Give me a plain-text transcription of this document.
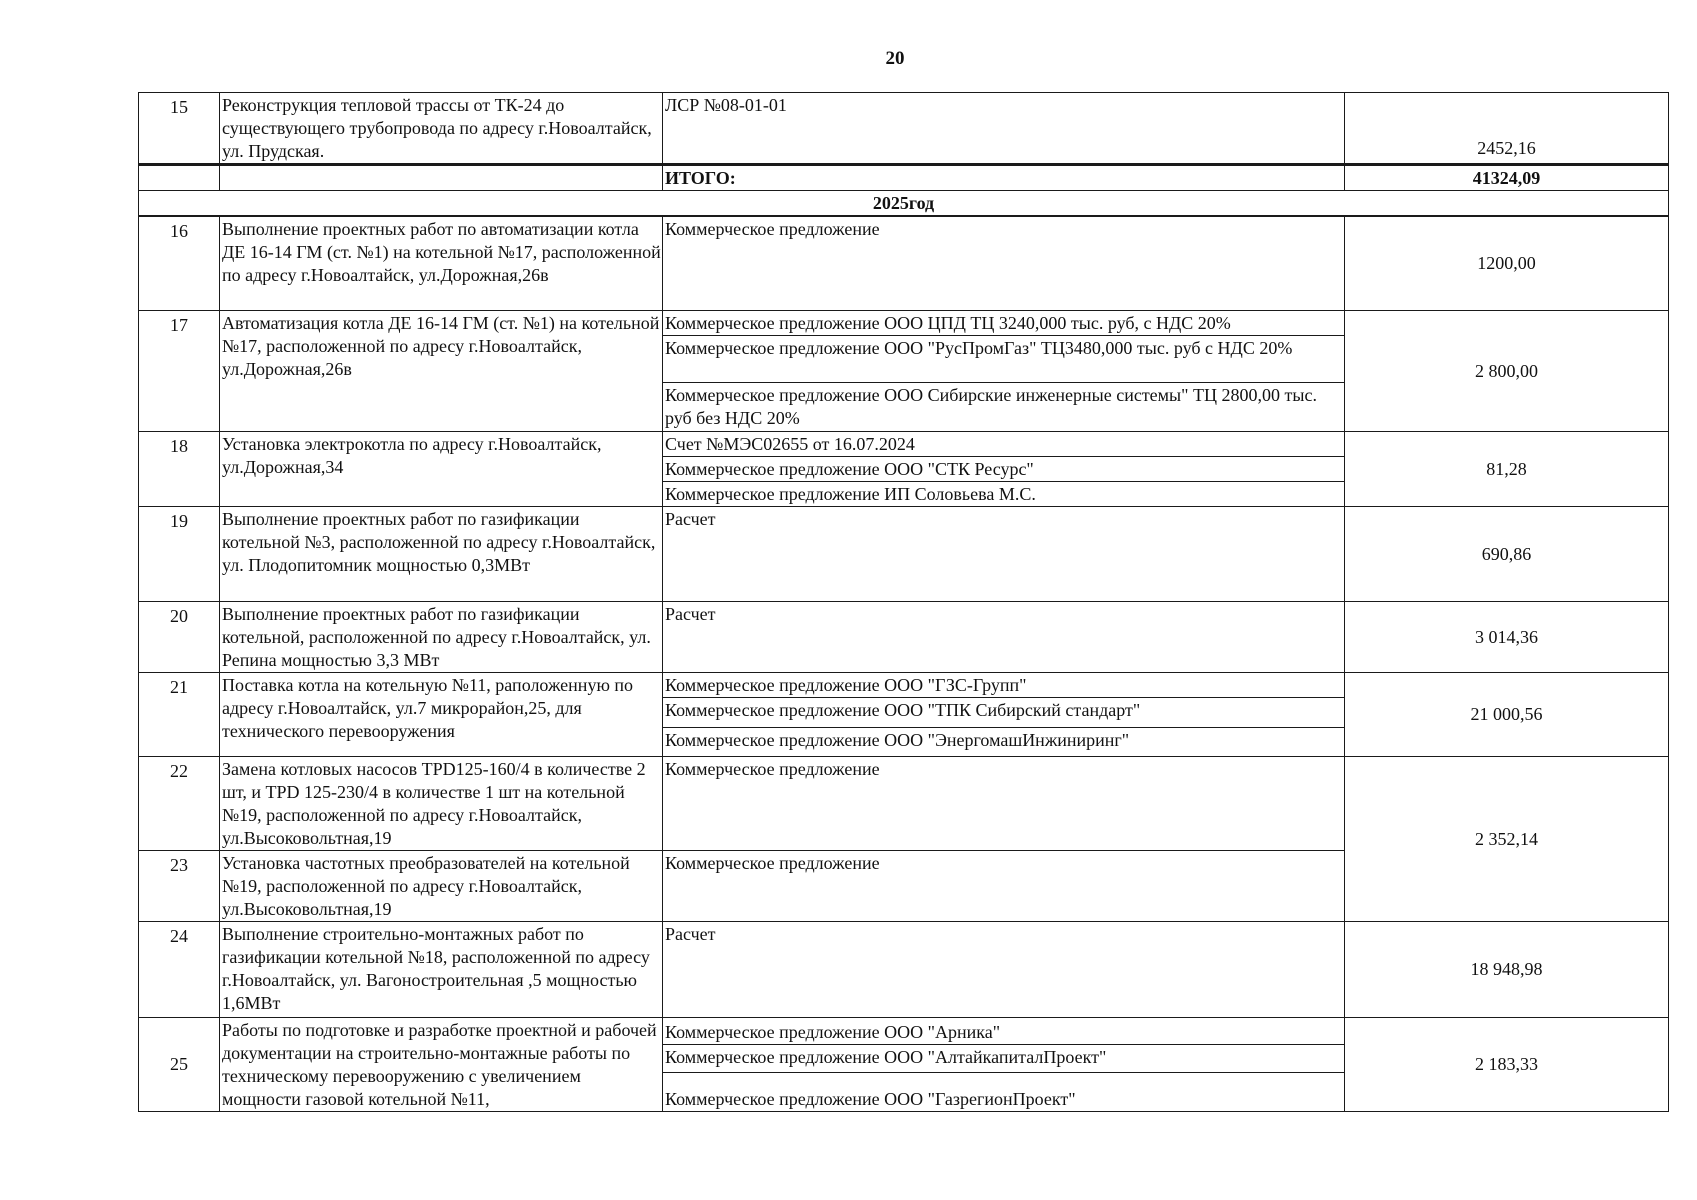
20
15	Реконструкция тепловой трассы от ТК-24 до существующего трубопровода по адресу г.Новоалтайск, ул. Прудская.	ЛСР №08-01-01	2452,16
		ИТОГО:	41324,09
2025год			
16	Выполнение проектных работ по автоматизации котла ДЕ 16-14 ГМ (ст. №1) на котельной №17, расположенной по адресу г.Новоалтайск, ул.Дорожная,26в	Коммерческое предложение	1200,00
17	Автоматизация котла ДЕ 16-14 ГМ (ст. №1) на котельной №17, расположенной по адресу г.Новоалтайск, ул.Дорожная,26в	Коммерческое предложение ООО ЦПД ТЦ 3240,000 тыс. руб, с НДС 20%	2 800,00
		Коммерческое предложение ООО "РусПромГаз" ТЦ3480,000 тыс. руб с НДС 20%	
		Коммерческое предложение ООО Сибирские инженерные системы" ТЦ 2800,00 тыс. руб без НДС 20%	
18	Установка электрокотла по адресу г.Новоалтайск, ул.Дорожная,34	Счет №МЭС02655 от 16.07.2024	81,28
		Коммерческое предложение ООО "СТК Ресурс"	
		Коммерческое предложение ИП Соловьева М.С.	
19	Выполнение проектных работ по газификации котельной №3, расположенной по адресу г.Новоалтайск, ул. Плодопитомник мощностью 0,3МВт	Расчет	690,86
20	Выполнение проектных работ по газификации котельной, расположенной по адресу г.Новоалтайск, ул. Репина мощностью 3,3 МВт	Расчет	3 014,36
21	Поставка котла на котельную №11, раположенную по адресу г.Новоалтайск, ул.7 микрорайон,25, для технического перевооружения	Коммерческое предложение ООО "ГЗС-Групп"	21 000,56
		Коммерческое предложение ООО "ТПК Сибирский стандарт"	
		Коммерческое предложение ООО "ЭнергомашИнжиниринг"	
22	Замена котловых насосов TPD125-160/4 в количестве 2 шт, и TPD 125-230/4 в количестве 1 шт на котельной №19, расположенной по адресу г.Новоалтайск, ул.Высоковольтная,19	Коммерческое предложение	2 352,14
23	Установка частотных преобразователей на котельной №19, расположенной по адресу г.Новоалтайск, ул.Высоковольтная,19	Коммерческое предложение	
24	Выполнение строительно-монтажных работ по газификации котельной №18, расположенной по адресу г.Новоалтайск, ул. Вагоностроительная ,5 мощностью 1,6МВт	Расчет	18 948,98
25	Работы по подготовке и разработке проектной и рабочей документации на строительно-монтажные работы по техническому перевооружению с увеличением мощности газовой котельной №11,	Коммерческое предложение ООО "Арника"	2 183,33
		Коммерческое предложение ООО "АлтайкапиталПроект"	
		Коммерческое предложение ООО "ГазрегионПроект"	
